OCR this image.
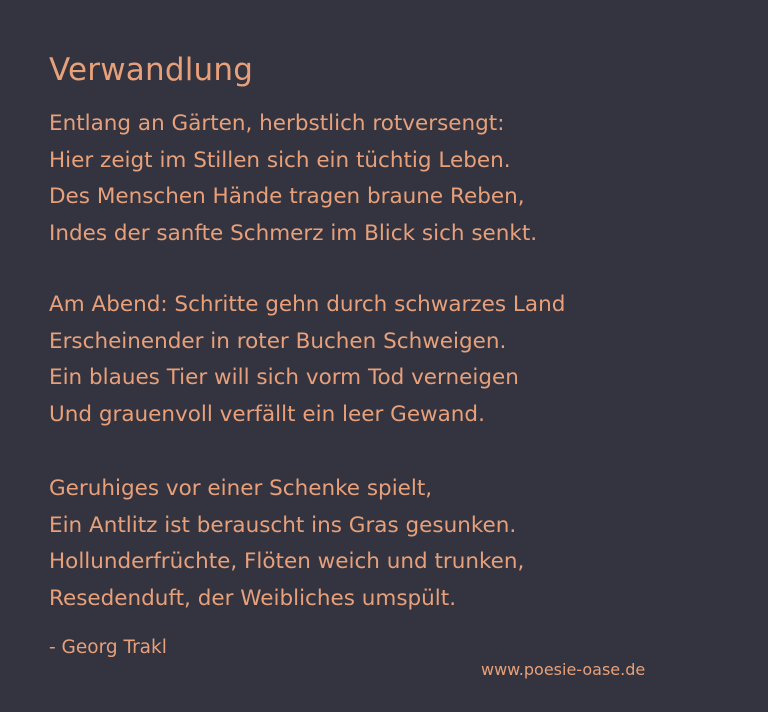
Verwandlung
Entlang an Gärten, herbstlich rotversengt:
Hier zeigt im Stillen sich ein tüchtig Leben.
Des Menschen Hände tragen braune Reben,
Indes der sanfte Schmerz im Blick sich senkt.
Am Abend: Schritte gehn durch schwarzes Land
Erscheinender in roter Buchen Schweigen.
Ein blaues Tier will sich vorm Tod verneigen
Und grauenvoll verfällt ein leer Gewand.
Geruhiges vor einer Schenke spielt,
Ein Antlitz ist berauscht ins Gras gesunken.
Hollunderfrüchte, Flöten weich und trunken,
Resedenduft, der Weibliches umspült.
- Georg Trakl
www.poesie-oase.de
